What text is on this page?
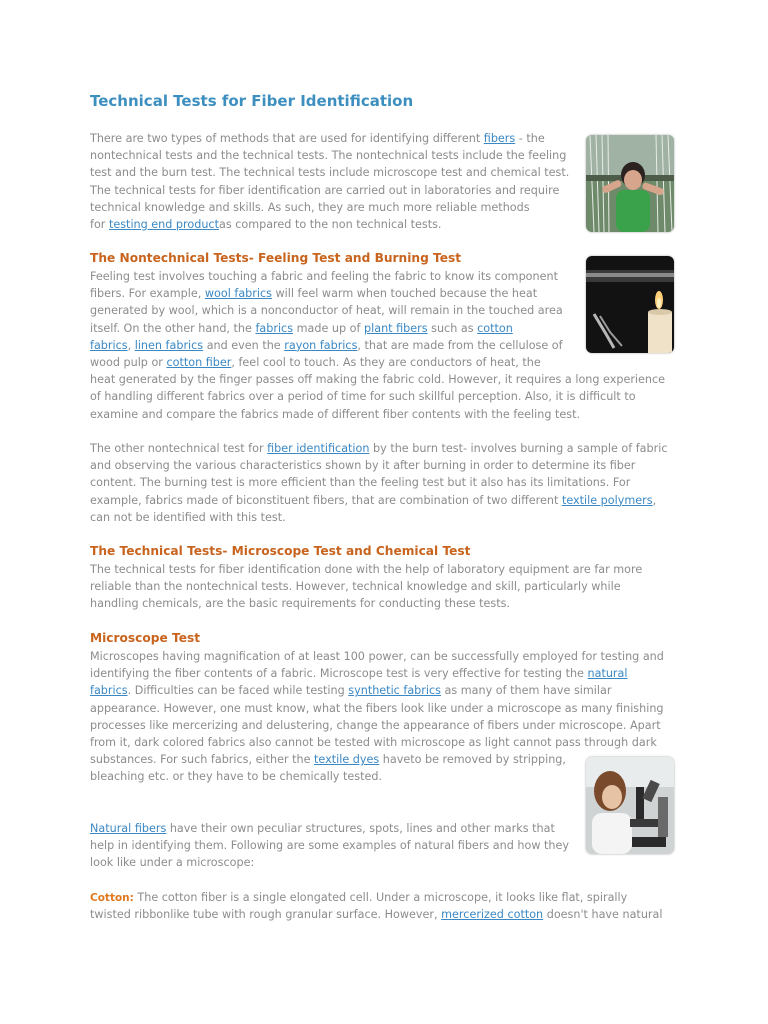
Technical Tests for Fiber Identification
There are two types of methods that are used for identifying different fibers - the
nontechnical tests and the technical tests. The nontechnical tests include the feeling
test and the burn test. The technical tests include microscope test and chemical test.
The technical tests for fiber identification are carried out in laboratories and require
technical knowledge and skills. As such, they are much more reliable methods
for testing end productas compared to the non technical tests.
The Nontechnical Tests- Feeling Test and Burning Test
Feeling test involves touching a fabric and feeling the fabric to know its component
fibers. For example, wool fabrics will feel warm when touched because the heat
generated by wool, which is a nonconductor of heat, will remain in the touched area
itself. On the other hand, the fabrics made up of plant fibers such as cotton
fabrics, linen fabrics and even the rayon fabrics, that are made from the cellulose of
wood pulp or cotton fiber, feel cool to touch. As they are conductors of heat, the
heat generated by the finger passes off making the fabric cold. However, it requires a long experience
of handling different fabrics over a period of time for such skillful perception. Also, it is difficult to
examine and compare the fabrics made of different fiber contents with the feeling test.
The other nontechnical test for fiber identification by the burn test- involves burning a sample of fabric
and observing the various characteristics shown by it after burning in order to determine its fiber
content. The burning test is more efficient than the feeling test but it also has its limitations. For
example, fabrics made of biconstituent fibers, that are combination of two different textile polymers,
can not be identified with this test.
The Technical Tests- Microscope Test and Chemical Test
The technical tests for fiber identification done with the help of laboratory equipment are far more
reliable than the nontechnical tests. However, technical knowledge and skill, particularly while
handling chemicals, are the basic requirements for conducting these tests.
Microscope Test
Microscopes having magnification of at least 100 power, can be successfully employed for testing and
identifying the fiber contents of a fabric. Microscope test is very effective for testing the natural
fabrics. Difficulties can be faced while testing synthetic fabrics as many of them have similar
appearance. However, one must know, what the fibers look like under a microscope as many finishing
processes like mercerizing and delustering, change the appearance of fibers under microscope. Apart
from it, dark colored fabrics also cannot be tested with microscope as light cannot pass through dark
substances. For such fabrics, either the textile dyes haveto be removed by stripping,
bleaching etc. or they have to be chemically tested.
Natural fibers have their own peculiar structures, spots, lines and other marks that
help in identifying them. Following are some examples of natural fibers and how they
look like under a microscope:
Cotton: The cotton fiber is a single elongated cell. Under a microscope, it looks like flat, spirally
twisted ribbonlike tube with rough granular surface. However, mercerized cotton doesn't have natural
